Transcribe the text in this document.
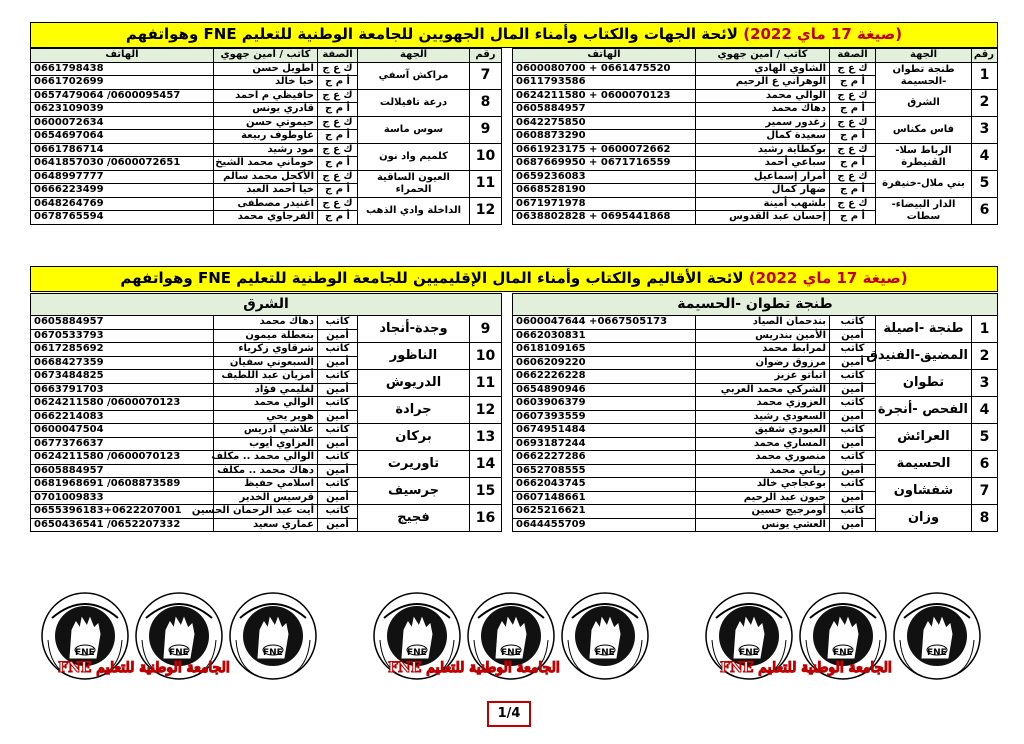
(صيغة 17 ماي 2022) لائحة الجهات والكتاب وأمناء المال الجهويين للجامعة الوطنية للتعليم FNE وهواتفهم
رقم	الجهة	الصفة	كاتب / أمين جهوي	الهاتف
1	طنجة تطوان -الحسيمة	ك ع ج	الشاوي الهادي	0600080700 + 0661475520
		أ م ج	الوهراني ع الرحيم	0611793586
2	الشرق	ك ع ج	الوالي محمد	0624211580 + 0600070123
		أ م ج	دهاك محمد	0605884957
3	فاس مكناس	ك ع ج	زغدور سمير	0642275850
		أ م ج	سعيدة كمال	0608873290
4	الرباط سلا-القنيطرة	ك ع ج	بوكطاية رشيد	0661923175 + 0600072662
		أ م ج	سباعي أحمد	0687669950 + 0671716559
5	بني ملال-خنيفرة	ك ع ج	أمرار إسماعيل	0659236083
		أ م ج	ضهار كمال	0668528190
6	الدار البيضاء-سطات	ك ع ج	بلشهب أمينة	0671971978
		أ م ج	إحسان عبد القدوس	0638802828 + 0695441868
رقم	الجهة	الصفة	كاتب / أمين جهوي	الهاتف
7	مراكش آسفي	ك ع ج	اطويل حسن	0661798438
		أ م ج	خبا خالد	0661702699
8	درعة تافيلالت	ك ع ج	حافيظي م احمد	0657479064 /0600095457
		أ م ج	قادري يونس	0623109039
9	سوس ماسة	ك ع ج	حيموتي حسن	0600072634
		أ م ج	عاوطوف ربيعة	0654697064
10	كلميم واد نون	ك ع ج	مود رشيد	0661786714
		أ م ج	خوماني محمد الشيخ	0641857030 /0600072651
11	العيون الساقية الحمراء	ك ع ج	الأكحل محمد سالم	0648997777
		أ م ج	خيا أحمد العبد	0666223499
12	الداخلة وادي الذهب	ك ع ج	اغنيدر مصطفى	0648264769
		أ م ج	الفرجاوي محمد	0678765594
(صيغة 17 ماي 2022) لائحة الأقاليم والكتاب وأمناء المال الإقليميين للجامعة الوطنية للتعليم FNE وهواتفهم
طنجة تطوان -الحسيمة				
1	طنجة -اصيلة	كاتب	بندحمان الصياد	0600047644 +0667505173
		أمين	الأمين بندريس	0662030831
2	المضيق-الفنيدق	كاتب	لمرابط محمد	0618109165
		أمين	مرزوق رضوان	0606209220
3	تطوان	كاتب	اتباتو عزيز	0662226228
		أمين	الشركي محمد العربي	0654890946
4	الفحص -أنجرة	كاتب	العزوزي محمد	0603906379
		أمين	السعودي رشيد	0607393559
5	العرائش	كاتب	العبودي شفيق	0674951484
		أمين	المساري محمد	0693187244
6	الحسيمة	كاتب	منصوري محمد	0662227286
		أمين	زياني محمد	0652708555
7	شفشاون	كاتب	بوعجاجي خالد	0662043745
		أمين	حيون عبد الرحيم	0607148661
8	وزان	كاتب	أومرجيج حسين	0625216621
		أمين	العشي يونس	0644455709
الشرق				
9	وجدة-أنجاد	كاتب	دهاك محمد	0605884957
		أمين	بنعطلة ميمون	0670533793
10	الناظور	كاتب	شرقاوي زكرياء	0617285692
		أمين	السبعوني سفيان	0668427359
11	الدريوش	كاتب	أمزيان عبد اللطيف	0673484825
		أمين	لغليمي فؤاد	0663791703
12	جرادة	كاتب	الوالي محمد	0624211580 /0600070123
		أمين	هوير يحي	0662214083
13	بركان	كاتب	علاشي ادريس	0600047504
		أمين	العزاوي أيوب	0677376637
14	تاوريرت	كاتب	الوالي محمد .. مكلف	0624211580 /0600070123
		أمين	دهاك محمد .. مكلف	0605884957
15	جرسيف	كاتب	اسلامي حفيظ	0681968691 /0608873589
		أمين	قرسيس الخدير	0701009833
16	فجيج	كاتب	أيت عبد الرحمان الحسين	0655396183+0622207001
		أمين	عماري سعيد	0650436541 /0652207332
FNE	FNE	FNE	FNE	FNE	FNE	FNE	FNE	FNE
الجامعة الوطنية للتعليم FNE	الجامعة الوطنية للتعليم FNE	الجامعة الوطنية للتعليم FNE
1/4
